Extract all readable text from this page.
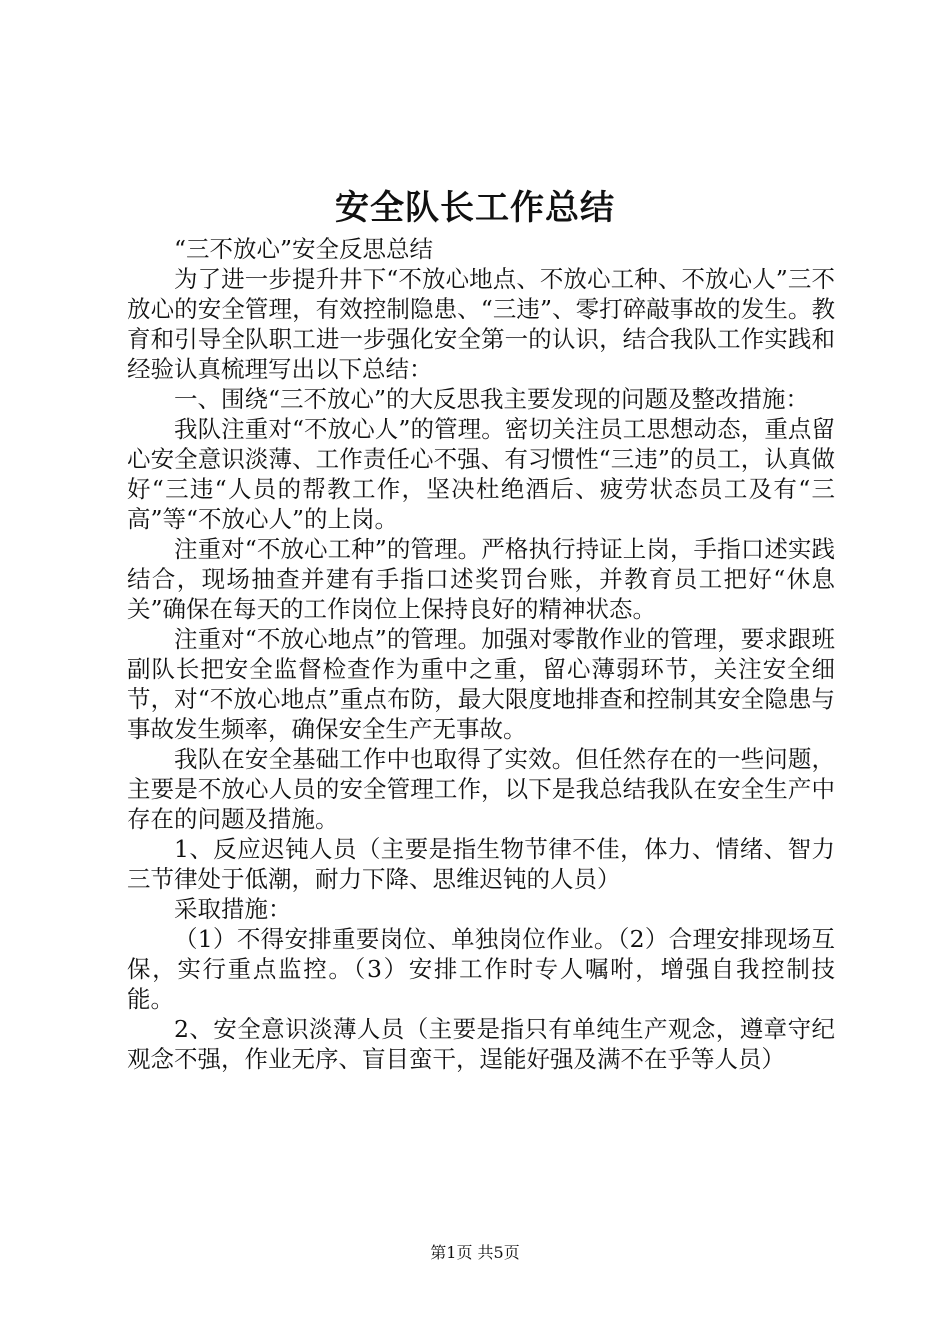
安全队长工作总结

“三不放心”安全反思总结

为了进一步提升井下“不放心地点、不放心工种、不放心人”三不放心的安全管理，有效控制隐患、“三违”、零打碎敲事故的发生。教育和引导全队职工进一步强化安全第一的认识，结合我队工作实践和经验认真梳理写出以下总结：

一、围绕“三不放心”的大反思我主要发现的问题及整改措施：

我队注重对“不放心人”的管理。密切关注员工思想动态，重点留心安全意识淡薄、工作责任心不强、有习惯性“三违”的员工，认真做好“三违“人员的帮教工作，坚决杜绝酒后、疲劳状态员工及有“三高”等“不放心人”的上岗。

注重对“不放心工种”的管理。严格执行持证上岗，手指口述实践结合，现场抽查并建有手指口述奖罚台账，并教育员工把好“休息关”确保在每天的工作岗位上保持良好的精神状态。

注重对“不放心地点”的管理。加强对零散作业的管理，要求跟班副队长把安全监督检查作为重中之重，留心薄弱环节，关注安全细节，对“不放心地点”重点布防，最大限度地排查和控制其安全隐患与事故发生频率，确保安全生产无事故。

我队在安全基础工作中也取得了实效。但任然存在的一些问题，主要是不放心人员的安全管理工作，以下是我总结我队在安全生产中存在的问题及措施。

1、反应迟钝人员（主要是指生物节律不佳，体力、情绪、智力三节律处于低潮，耐力下降、思维迟钝的人员）

采取措施：

（1）不得安排重要岗位、单独岗位作业。（2）合理安排现场互保，实行重点监控。（3）安排工作时专人嘱咐，增强自我控制技能。

2、安全意识淡薄人员（主要是指只有单纯生产观念，遵章守纪观念不强，作业无序、盲目蛮干，逞能好强及满不在乎等人员）

第1页 共5页
